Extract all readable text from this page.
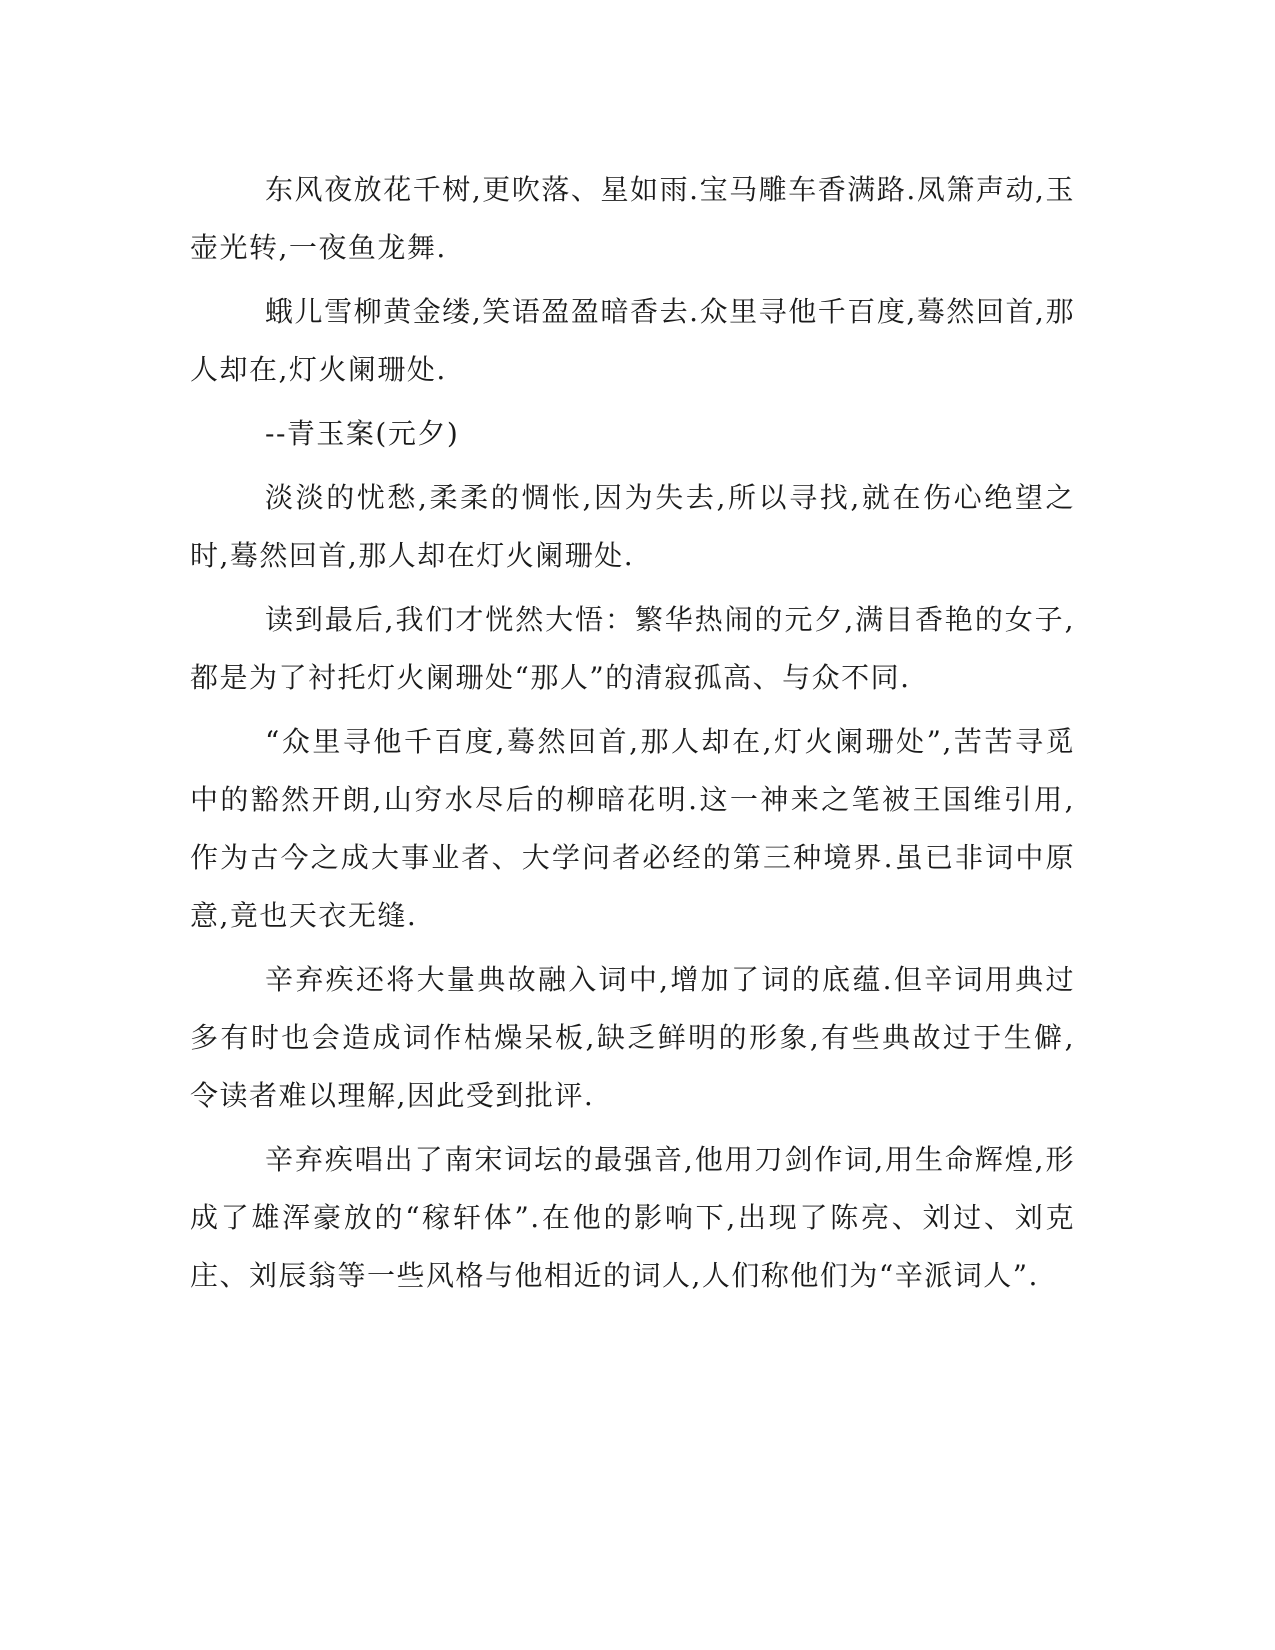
东风夜放花千树,更吹落、星如雨.宝马雕车香满路.凤箫声动,玉壶光转,一夜鱼龙舞.

蛾儿雪柳黄金缕,笑语盈盈暗香去.众里寻他千百度,蓦然回首,那人却在,灯火阑珊处.

--青玉案(元夕)

淡淡的忧愁,柔柔的惆怅,因为失去,所以寻找,就在伤心绝望之时,蓦然回首,那人却在灯火阑珊处.

读到最后,我们才恍然大悟：繁华热闹的元夕,满目香艳的女子,都是为了衬托灯火阑珊处“那人”的清寂孤高、与众不同.

“众里寻他千百度,蓦然回首,那人却在,灯火阑珊处”,苦苦寻觅中的豁然开朗,山穷水尽后的柳暗花明.这一神来之笔被王国维引用,作为古今之成大事业者、大学问者必经的第三种境界.虽已非词中原意,竟也天衣无缝.

辛弃疾还将大量典故融入词中,增加了词的底蕴.但辛词用典过多有时也会造成词作枯燥呆板,缺乏鲜明的形象,有些典故过于生僻,令读者难以理解,因此受到批评.

辛弃疾唱出了南宋词坛的最强音,他用刀剑作词,用生命辉煌,形成了雄浑豪放的“稼轩体”.在他的影响下,出现了陈亮、刘过、刘克庄、刘辰翁等一些风格与他相近的词人,人们称他们为“辛派词人”.
